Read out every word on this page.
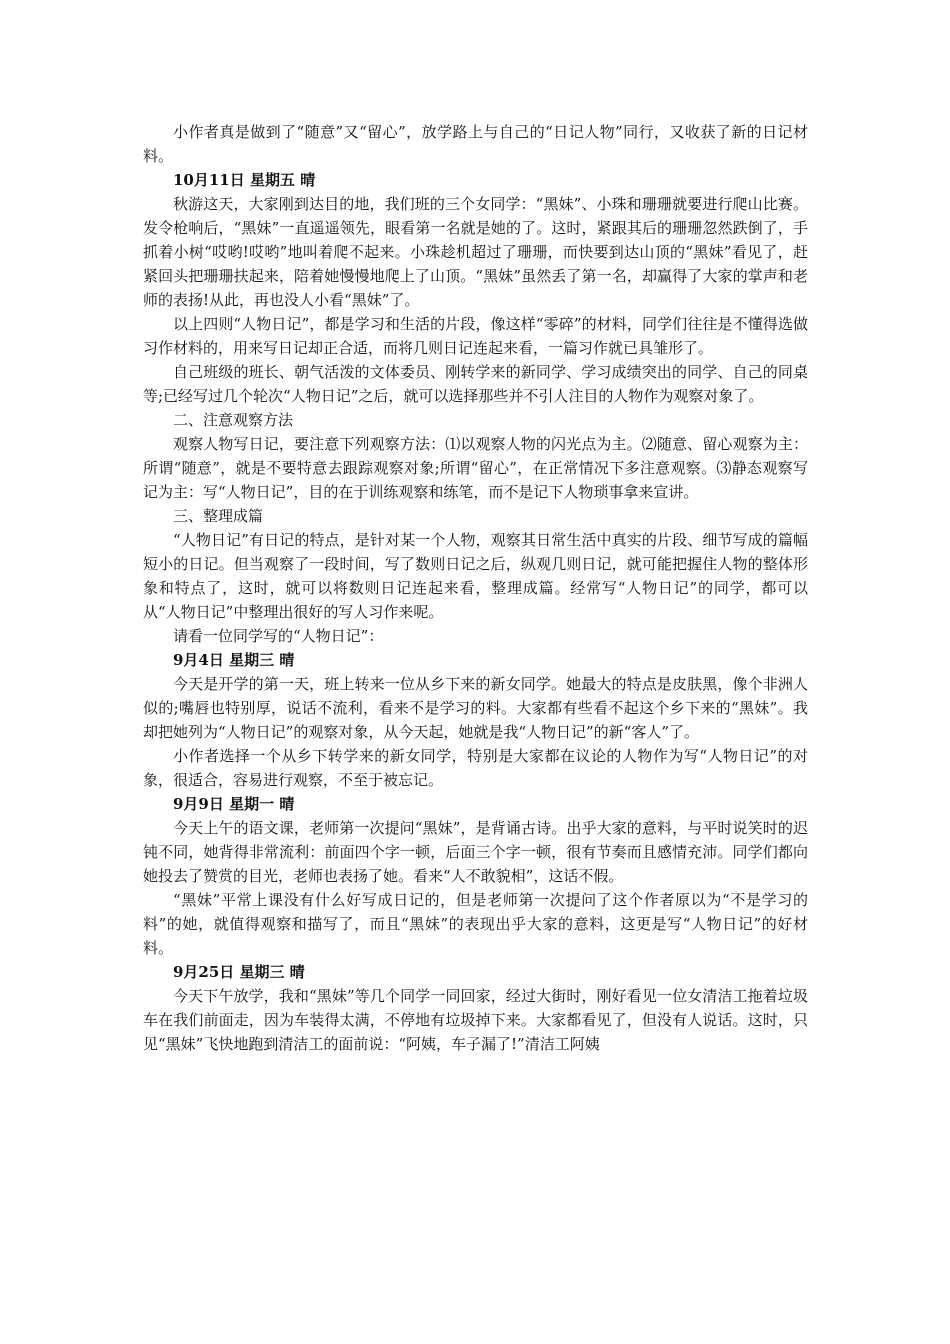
小作者真是做到了“随意”又“留心”，放学路上与自己的“日记人物”同行，又收获了新的日记材料。

10月11日 星期五 晴

秋游这天，大家刚到达目的地，我们班的三个女同学：“黑妹”、小珠和珊珊就要进行爬山比赛。发令枪响后，“黑妹”一直遥遥领先，眼看第一名就是她的了。这时，紧跟其后的珊珊忽然跌倒了，手抓着小树“哎哟!哎哟”地叫着爬不起来。小珠趁机超过了珊珊，而快要到达山顶的“黑妹”看见了，赶紧回头把珊珊扶起来，陪着她慢慢地爬上了山顶。“黑妹”虽然丢了第一名，却赢得了大家的掌声和老师的表扬!从此，再也没人小看“黑妹”了。

以上四则“人物日记”，都是学习和生活的片段，像这样“零碎”的材料，同学们往往是不懂得选做习作材料的，用来写日记却正合适，而将几则日记连起来看，一篇习作就已具雏形了。

自己班级的班长、朝气活泼的文体委员、刚转学来的新同学、学习成绩突出的同学、自己的同桌等;已经写过几个轮次“人物日记”之后，就可以选择那些并不引人注目的人物作为观察对象了。

二、注意观察方法

观察人物写日记，要注意下列观察方法：⑴以观察人物的闪光点为主。⑵随意、留心观察为主：所谓“随意”，就是不要特意去跟踪观察对象;所谓“留心”，在正常情况下多注意观察。⑶静态观察写记为主：写“人物日记”，目的在于训练观察和练笔，而不是记下人物琐事拿来宣讲。

三、整理成篇

“人物日记”有日记的特点，是针对某一个人物，观察其日常生活中真实的片段、细节写成的篇幅短小的日记。但当观察了一段时间，写了数则日记之后，纵观几则日记，就可能把握住人物的整体形象和特点了，这时，就可以将数则日记连起来看，整理成篇。经常写“人物日记”的同学，都可以从“人物日记”中整理出很好的写人习作来呢。

请看一位同学写的“人物日记”：

9月4日 星期三 晴

今天是开学的第一天，班上转来一位从乡下来的新女同学。她最大的特点是皮肤黑，像个非洲人似的;嘴唇也特别厚，说话不流利，看来不是学习的料。大家都有些看不起这个乡下来的“黑妹”。我却把她列为“人物日记”的观察对象，从今天起，她就是我“人物日记”的新“客人”了。

小作者选择一个从乡下转学来的新女同学，特别是大家都在议论的人物作为写“人物日记”的对象，很适合，容易进行观察，不至于被忘记。

9月9日 星期一 晴

今天上午的语文课，老师第一次提问“黑妹”，是背诵古诗。出乎大家的意料，与平时说笑时的迟钝不同，她背得非常流利：前面四个字一顿，后面三个字一顿，很有节奏而且感情充沛。同学们都向她投去了赞赏的目光，老师也表扬了她。看来“人不敢貌相”，这话不假。

“黑妹”平常上课没有什么好写成日记的，但是老师第一次提问了这个作者原以为“不是学习的料”的她，就值得观察和描写了，而且“黑妹”的表现出乎大家的意料，这更是写“人物日记”的好材料。

9月25日 星期三 晴

今天下午放学，我和“黑妹”等几个同学一同回家，经过大街时，刚好看见一位女清洁工拖着垃圾车在我们前面走，因为车装得太满，不停地有垃圾掉下来。大家都看见了，但没有人说话。这时，只见“黑妹”飞快地跑到清洁工的面前说：“阿姨，车子漏了!”清洁工阿姨
